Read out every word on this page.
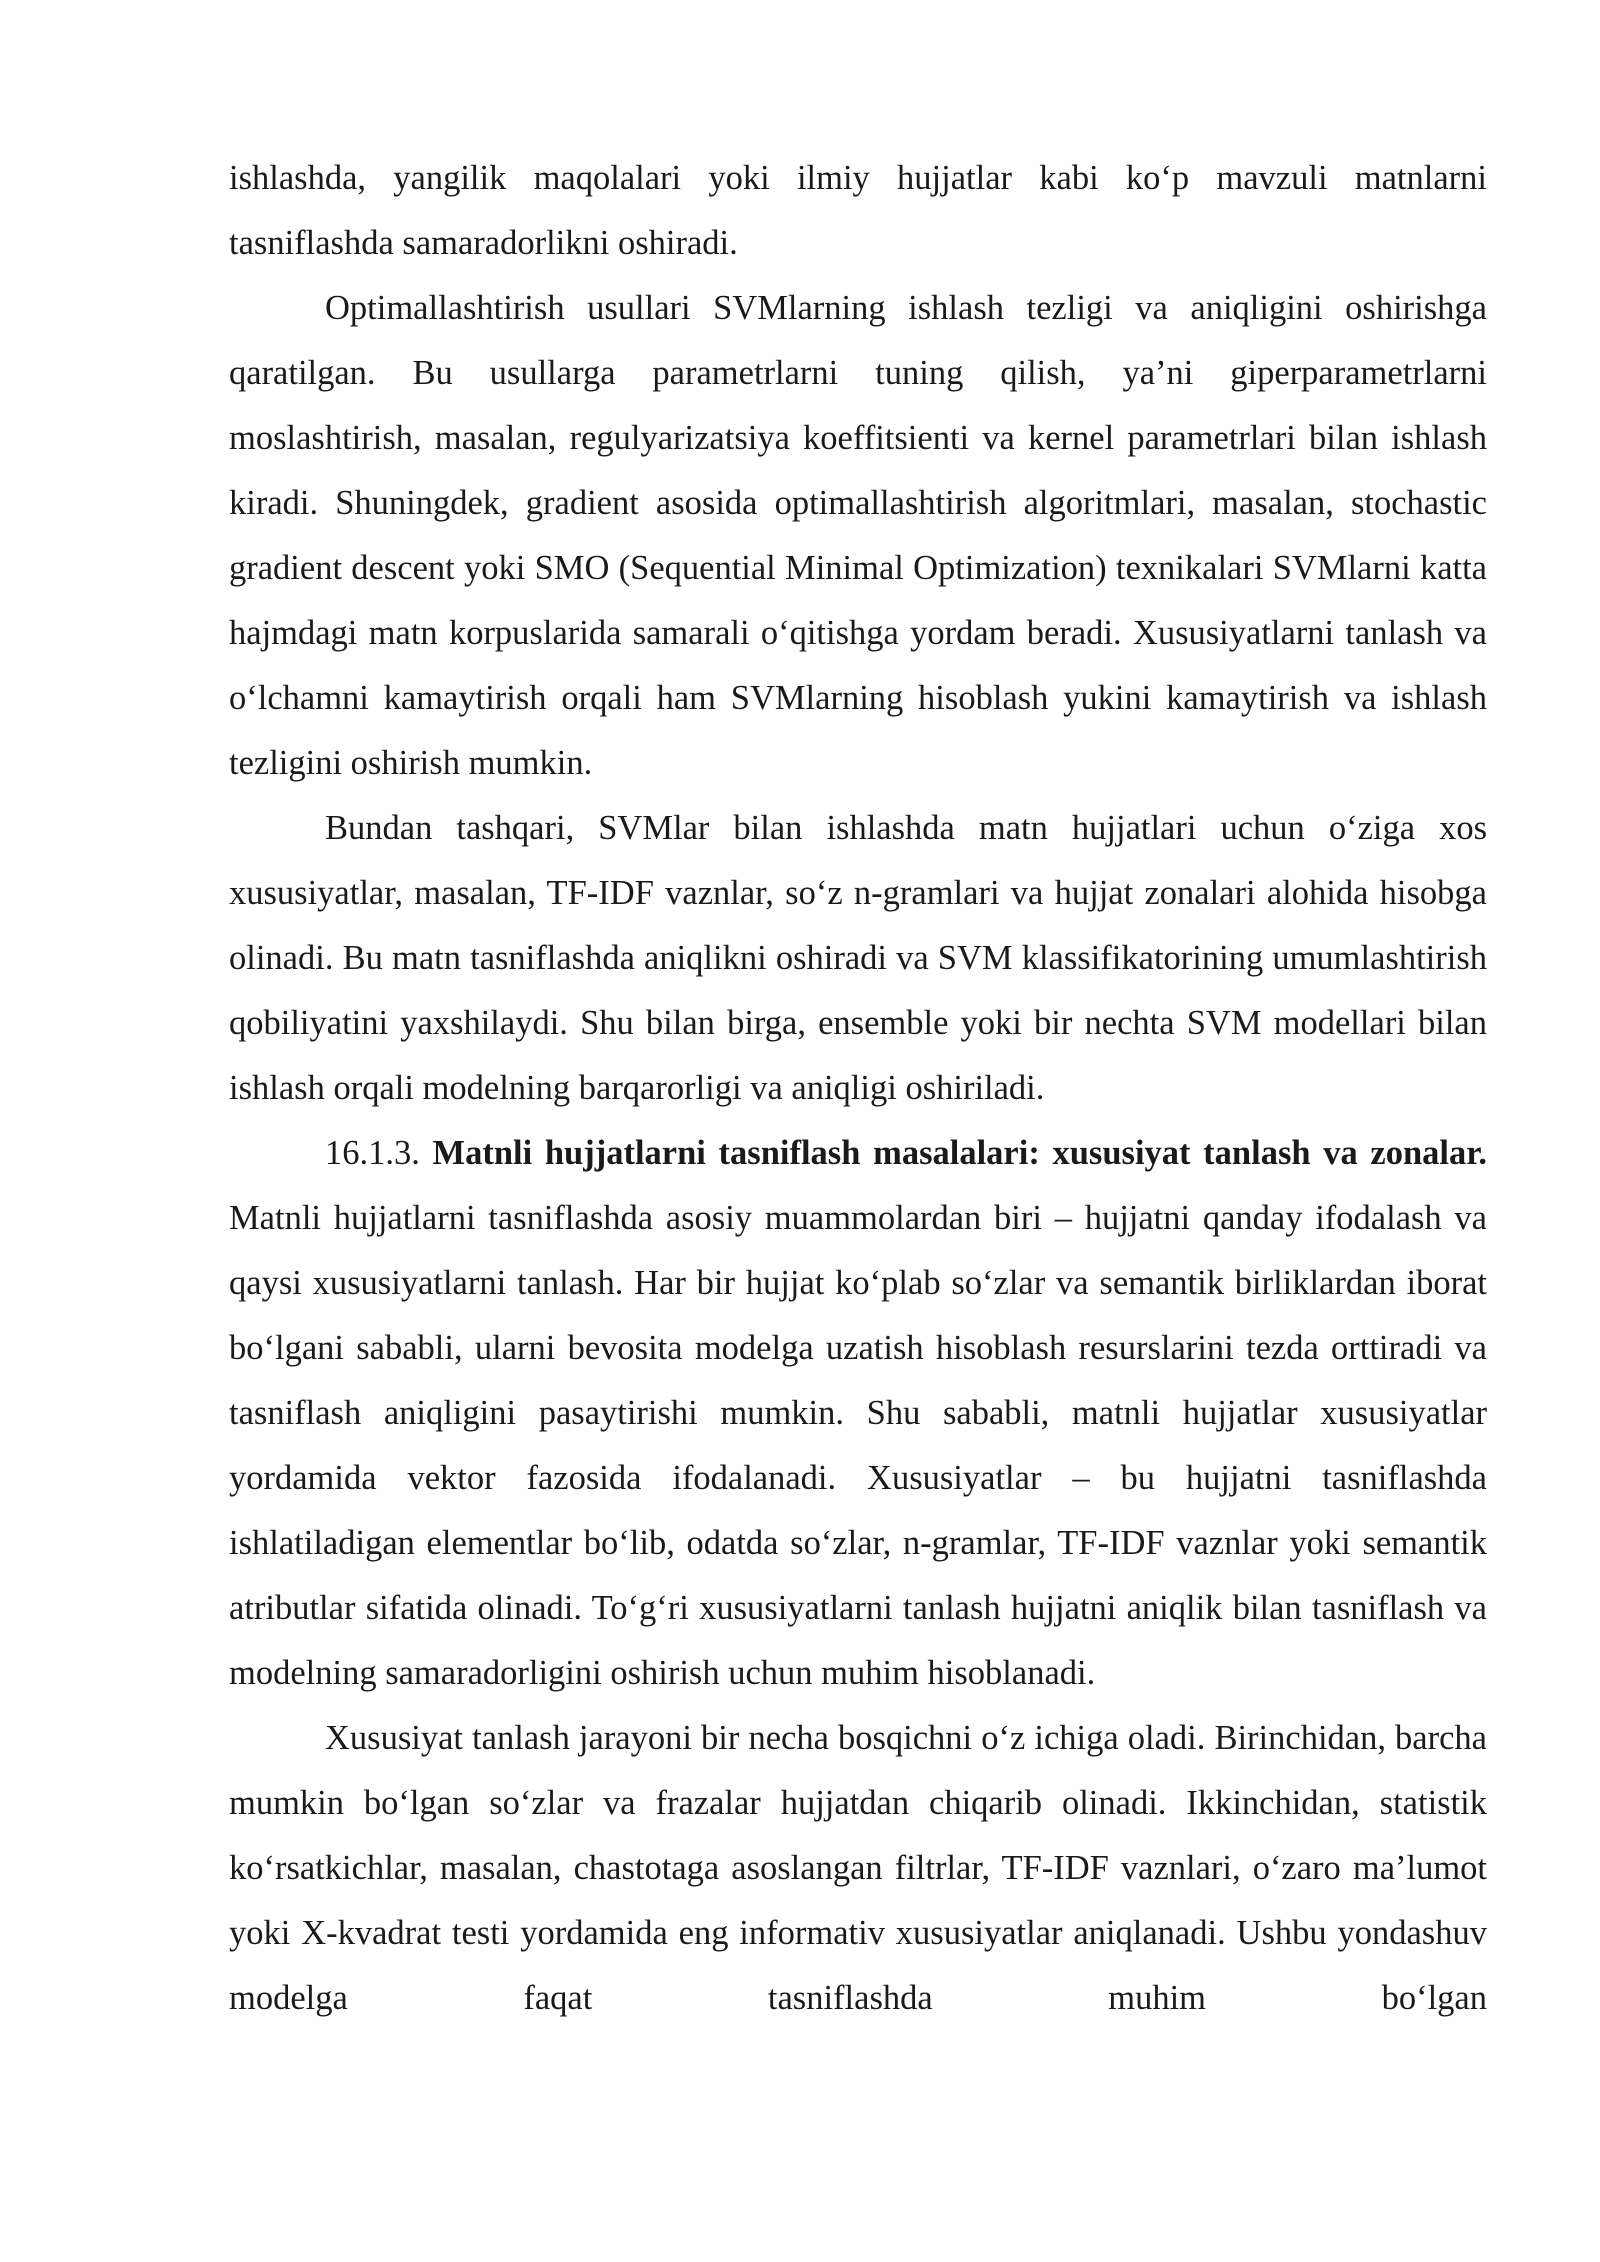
ishlashda, yangilik maqolalari yoki ilmiy hujjatlar kabi ko‘p mavzuli matnlarni tasniflashda samaradorlikni oshiradi.

Optimallashtirish usullari SVMlarning ishlash tezligi va aniqligini oshirishga qaratilgan. Bu usullarga parametrlarni tuning qilish, ya’ni giperparametrlarni moslashtirish, masalan, regulyarizatsiya koeffitsienti va kernel parametrlari bilan ishlash kiradi. Shuningdek, gradient asosida optimallashtirish algoritmlari, masalan, stochastic gradient descent yoki SMO (Sequential Minimal Optimization) texnikalari SVMlarni katta hajmdagi matn korpuslarida samarali o‘qitishga yordam beradi. Xususiyatlarni tanlash va o‘lchamni kamaytirish orqali ham SVMlarning hisoblash yukini kamaytirish va ishlash tezligini oshirish mumkin.

Bundan tashqari, SVMlar bilan ishlashda matn hujjatlari uchun o‘ziga xos xususiyatlar, masalan, TF-IDF vaznlar, so‘z n-gramlari va hujjat zonalari alohida hisobga olinadi. Bu matn tasniflashda aniqlikni oshiradi va SVM klassifikatorining umumlashtirish qobiliyatini yaxshilaydi. Shu bilan birga, ensemble yoki bir nechta SVM modellari bilan ishlash orqali modelning barqarorligi va aniqligi oshiriladi.

16.1.3. Matnli hujjatlarni tasniflash masalalari: xususiyat tanlash va zonalar. Matnli hujjatlarni tasniflashda asosiy muammolardan biri – hujjatni qanday ifodalash va qaysi xususiyatlarni tanlash. Har bir hujjat ko‘plab so‘zlar va semantik birliklardan iborat bo‘lgani sababli, ularni bevosita modelga uzatish hisoblash resurslarini tezda orttiradi va tasniflash aniqligini pasaytirishi mumkin. Shu sababli, matnli hujjatlar xususiyatlar yordamida vektor fazosida ifodalanadi. Xususiyatlar – bu hujjatni tasniflashda ishlatiladigan elementlar bo‘lib, odatda so‘zlar, n-gramlar, TF-IDF vaznlar yoki semantik atributlar sifatida olinadi. To‘g‘ri xususiyatlarni tanlash hujjatni aniqlik bilan tasniflash va modelning samaradorligini oshirish uchun muhim hisoblanadi.

Xususiyat tanlash jarayoni bir necha bosqichni o‘z ichiga oladi. Birinchidan, barcha mumkin bo‘lgan so‘zlar va frazalar hujjatdan chiqarib olinadi. Ikkinchidan, statistik ko‘rsatkichlar, masalan, chastotaga asoslangan filtrlar, TF-IDF vaznlari, o‘zaro ma’lumot yoki X-kvadrat testi yordamida eng informativ xususiyatlar aniqlanadi. Ushbu yondashuv modelga faqat tasniflashda muhim bo‘lgan
